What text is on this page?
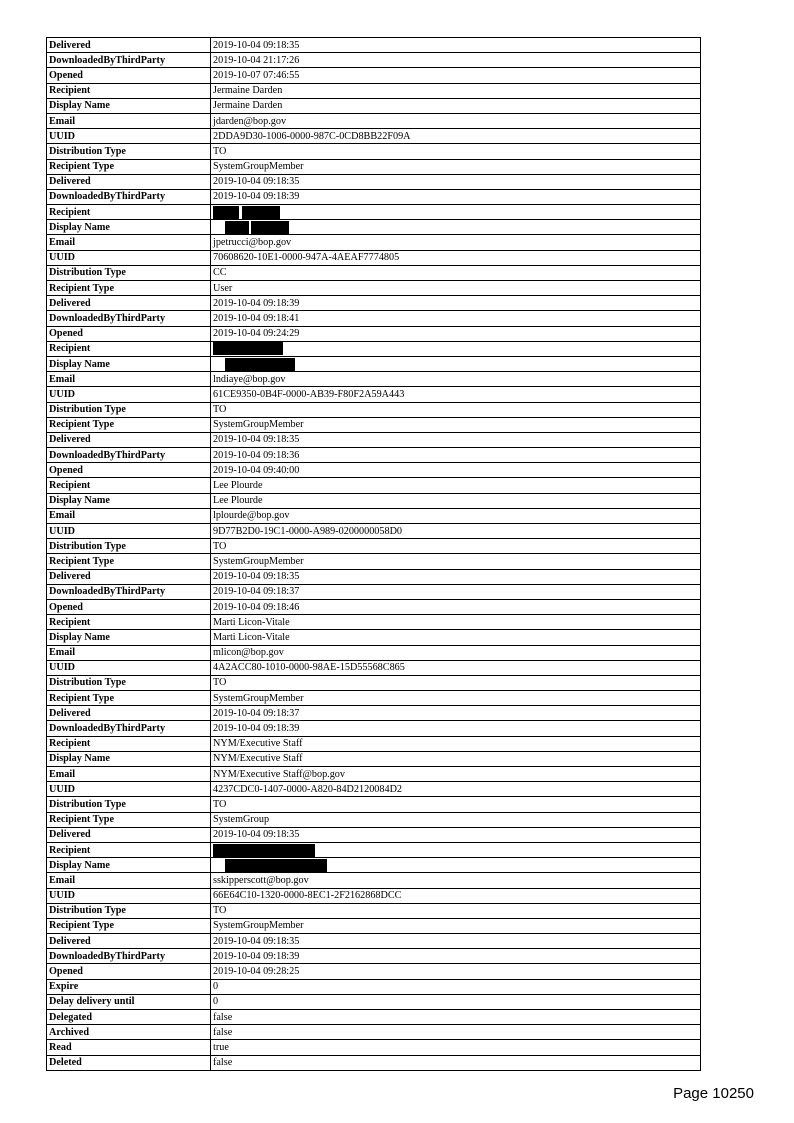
Delivered	2019-10-04 09:18:35
DownloadedByThirdParty	2019-10-04 21:17:26
Opened	2019-10-07 07:46:55
Recipient	Jermaine Darden
Display Name	Jermaine Darden
Email	jdarden@bop.gov
UUID	2DDA9D30-1006-0000-987C-0CD8BB22F09A
Distribution Type	TO
Recipient Type	SystemGroupMember
Delivered	2019-10-04 09:18:35
DownloadedByThirdParty	2019-10-04 09:18:39
Recipient	
Display Name	
Email	jpetrucci@bop.gov
UUID	70608620-10E1-0000-947A-4AEAF7774805
Distribution Type	CC
Recipient Type	User
Delivered	2019-10-04 09:18:39
DownloadedByThirdParty	2019-10-04 09:18:41
Opened	2019-10-04 09:24:29
Recipient	
Display Name	
Email	lndiaye@bop.gov
UUID	61CE9350-0B4F-0000-AB39-F80F2A59A443
Distribution Type	TO
Recipient Type	SystemGroupMember
Delivered	2019-10-04 09:18:35
DownloadedByThirdParty	2019-10-04 09:18:36
Opened	2019-10-04 09:40:00
Recipient	Lee Plourde
Display Name	Lee Plourde
Email	lplourde@bop.gov
UUID	9D77B2D0-19C1-0000-A989-0200000058D0
Distribution Type	TO
Recipient Type	SystemGroupMember
Delivered	2019-10-04 09:18:35
DownloadedByThirdParty	2019-10-04 09:18:37
Opened	2019-10-04 09:18:46
Recipient	Marti Licon-Vitale
Display Name	Marti Licon-Vitale
Email	mlicon@bop.gov
UUID	4A2ACC80-1010-0000-98AE-15D55568C865
Distribution Type	TO
Recipient Type	SystemGroupMember
Delivered	2019-10-04 09:18:37
DownloadedByThirdParty	2019-10-04 09:18:39
Recipient	NYM/Executive Staff
Display Name	NYM/Executive Staff
Email	NYM/Executive Staff@bop.gov
UUID	4237CDC0-1407-0000-A820-84D2120084D2
Distribution Type	TO
Recipient Type	SystemGroup
Delivered	2019-10-04 09:18:35
Recipient	
Display Name	
Email	sskipperscott@bop.gov
UUID	66E64C10-1320-0000-8EC1-2F2162868DCC
Distribution Type	TO
Recipient Type	SystemGroupMember
Delivered	2019-10-04 09:18:35
DownloadedByThirdParty	2019-10-04 09:18:39
Opened	2019-10-04 09:28:25
Expire	0
Delay delivery until	0
Delegated	false
Archived	false
Read	true
Deleted	false
Page 10250
